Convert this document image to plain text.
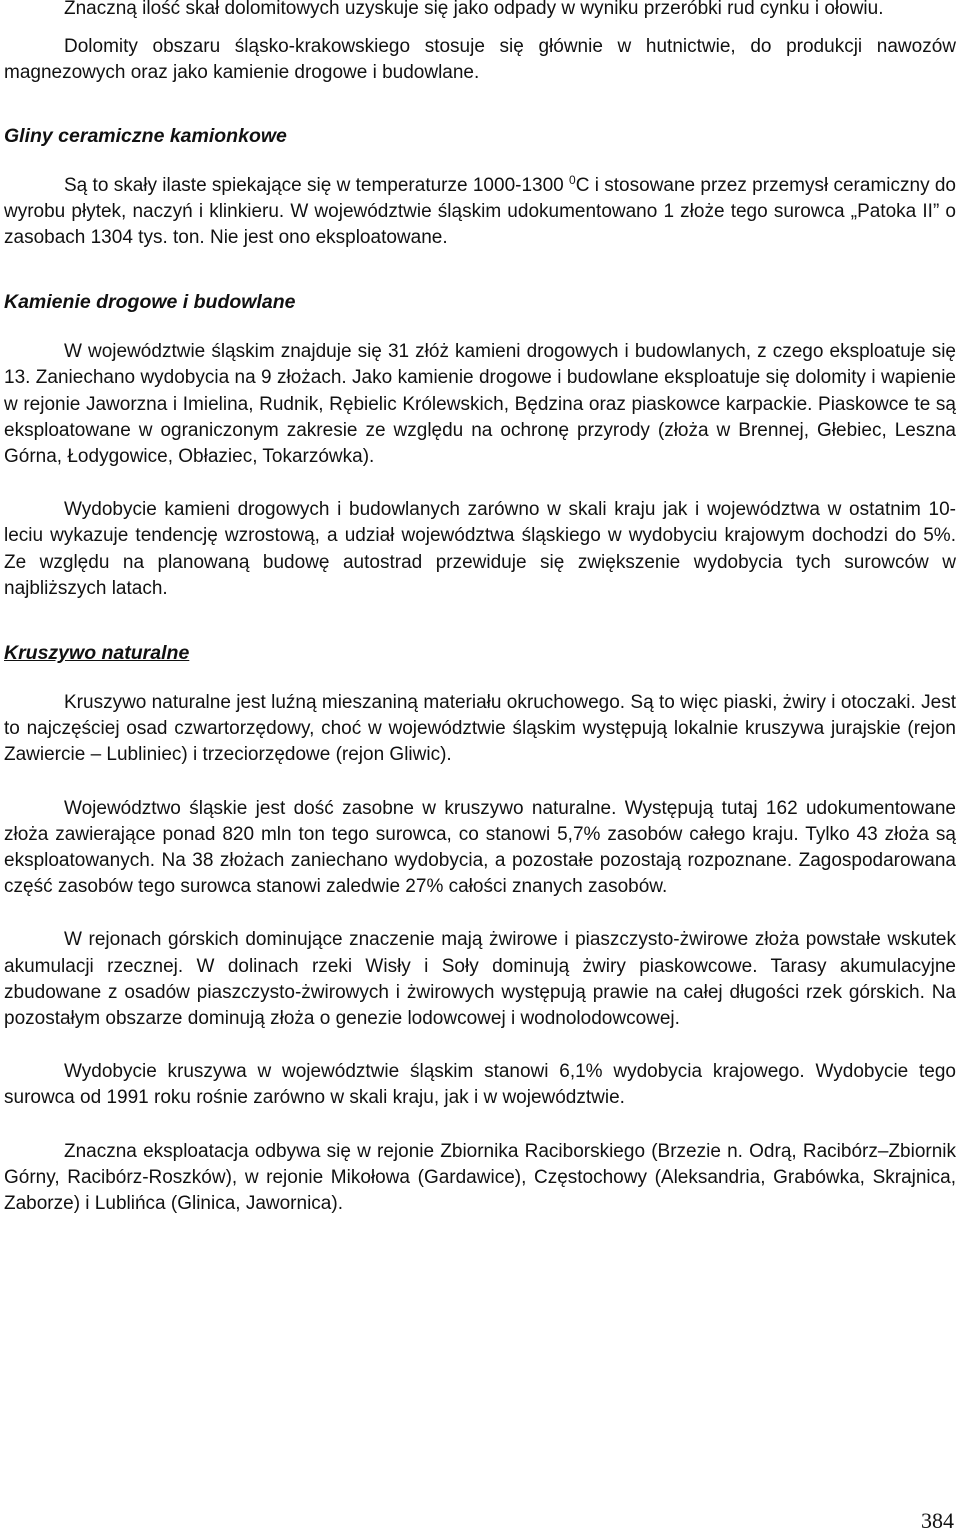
Znaczną ilość skał dolomitowych uzyskuje się jako odpady w wyniku przeróbki rud cynku i ołowiu.

Dolomity obszaru śląsko-krakowskiego stosuje się głównie w hutnictwie, do produkcji nawozów magnezowych oraz jako kamienie drogowe i budowlane.

Gliny ceramiczne kamionkowe

Są to skały ilaste spiekające się w temperaturze 1000-1300 $^0$C i stosowane przez przemysł ceramiczny do wyrobu płytek, naczyń i klinkieru. W województwie śląskim udokumentowano 1 złoże tego surowca „Patoka II” o zasobach 1304 tys. ton. Nie jest ono eksploatowane.

Kamienie drogowe i budowlane

W województwie śląskim znajduje się 31 złóż kamieni drogowych i budowlanych, z czego eksploatuje się 13. Zaniechano wydobycia na 9 złożach. Jako kamienie drogowe i budowlane eksploatuje się dolomity i wapienie w rejonie Jaworzna i Imielina, Rudnik, Rębielic Królewskich, Będzina oraz piaskowce karpackie. Piaskowce te są eksploatowane w ograniczonym zakresie ze względu na ochronę przyrody (złoża w Brennej, Głebiec, Leszna Górna, Łodygowice, Obłaziec, Tokarzówka).

Wydobycie kamieni drogowych i budowlanych zarówno w skali kraju jak i województwa w ostatnim 10-leciu wykazuje tendencję wzrostową, a udział województwa śląskiego w wydobyciu krajowym dochodzi do 5%. Ze względu na planowaną budowę autostrad przewiduje się zwiększenie wydobycia tych surowców w najbliższych latach.

Kruszywo naturalne

Kruszywo naturalne jest luźną mieszaniną materiału okruchowego. Są to więc piaski, żwiry i otoczaki. Jest to najczęściej osad czwartorzędowy, choć w województwie śląskim występują lokalnie kruszywa jurajskie (rejon Zawiercie – Lubliniec) i trzeciorzędowe (rejon Gliwic).

Województwo śląskie jest dość zasobne w kruszywo naturalne. Występują tutaj 162 udokumentowane złoża zawierające ponad 820 mln ton tego surowca, co stanowi 5,7% zasobów całego kraju. Tylko 43 złoża są eksploatowanych. Na 38 złożach zaniechano wydobycia, a pozostałe pozostają rozpoznane. Zagospodarowana część zasobów tego surowca stanowi zaledwie 27% całości znanych zasobów.

W rejonach górskich dominujące znaczenie mają żwirowe i piaszczysto-żwirowe złoża powstałe wskutek akumulacji rzecznej. W dolinach rzeki Wisły i Soły dominują żwiry piaskowcowe. Tarasy akumulacyjne zbudowane z osadów piaszczysto-żwirowych i żwirowych występują prawie na całej długości rzek górskich. Na pozostałym obszarze dominują złoża o genezie lodowcowej i wodnolodowcowej.

Wydobycie kruszywa w województwie śląskim stanowi 6,1% wydobycia krajowego. Wydobycie tego surowca od 1991 roku rośnie zarówno w skali kraju, jak i w województwie.

Znaczna eksploatacja odbywa się w rejonie Zbiornika Raciborskiego (Brzezie n. Odrą, Racibórz–Zbiornik Górny, Racibórz-Roszków), w rejonie Mikołowa (Gardawice), Częstochowy (Aleksandria, Grabówka, Skrajnica, Zaborze) i Lublińca (Glinica, Jawornica).

384
